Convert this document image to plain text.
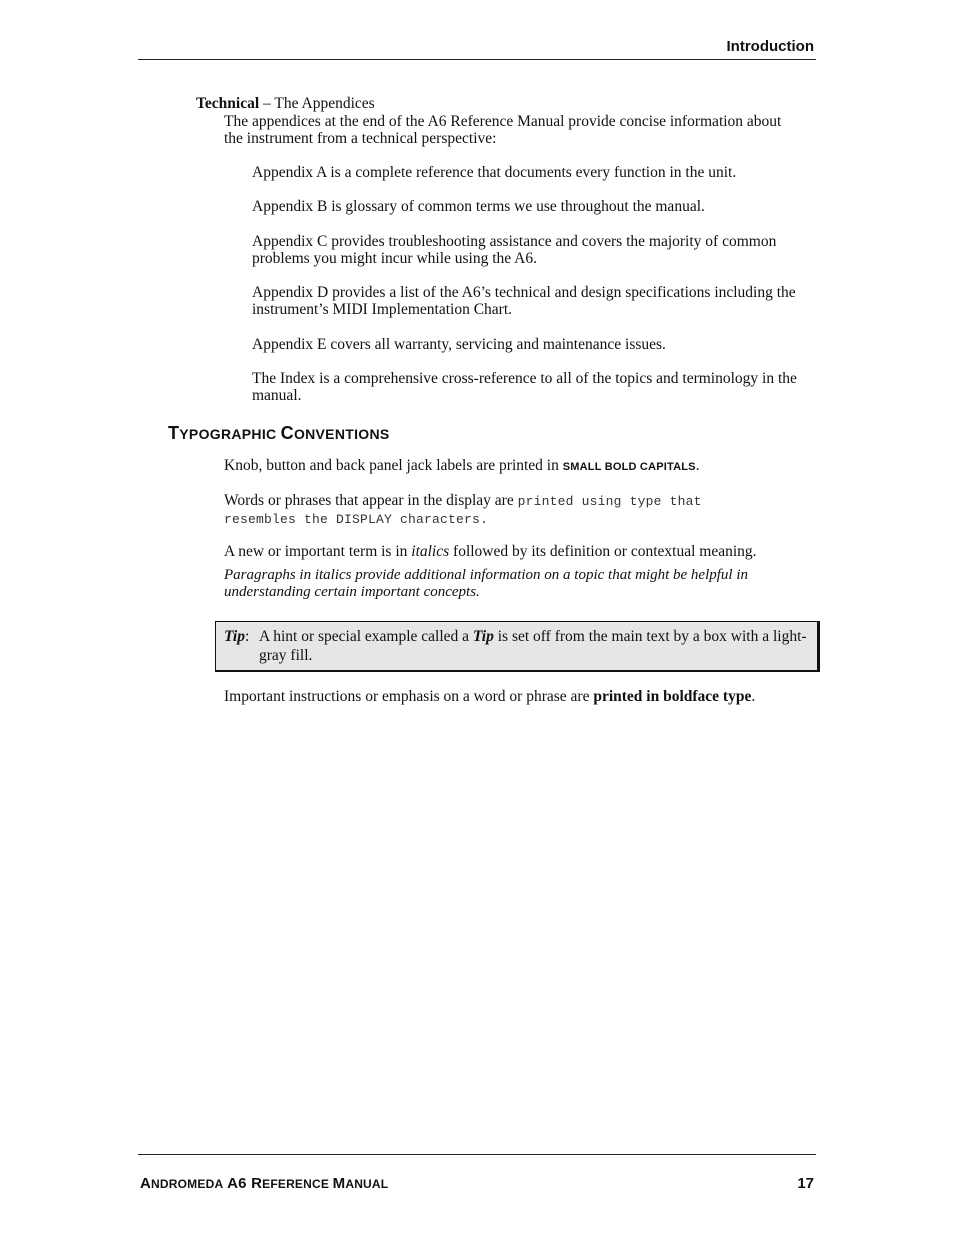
Introduction

Technical – The Appendices

The appendices at the end of the A6 Reference Manual provide concise information about the instrument from a technical perspective:

Appendix A is a complete reference that documents every function in the unit.

Appendix B is glossary of common terms we use throughout the manual.

Appendix C provides troubleshooting assistance and covers the majority of common problems you might incur while using the A6.

Appendix D provides a list of the A6’s technical and design specifications including the instrument’s MIDI Implementation Chart.

Appendix E covers all warranty, servicing and maintenance issues.

The Index is a comprehensive cross-reference to all of the topics and terminology in the manual.

TYPOGRAPHIC CONVENTIONS

Knob, button and back panel jack labels are printed in SMALL BOLD CAPITALS.

Words or phrases that appear in the display are printed using type that
resembles the DISPLAY characters.

A new or important term is in italics followed by its definition or contextual meaning.

Paragraphs in italics provide additional information on a topic that might be helpful in understanding certain important concepts.

Tip: A hint or special example called a Tip is set off from the main text by a box with a light-gray fill.

Important instructions or emphasis on a word or phrase are printed in boldface type.

ANDROMEDA A6 REFERENCE MANUAL	17
